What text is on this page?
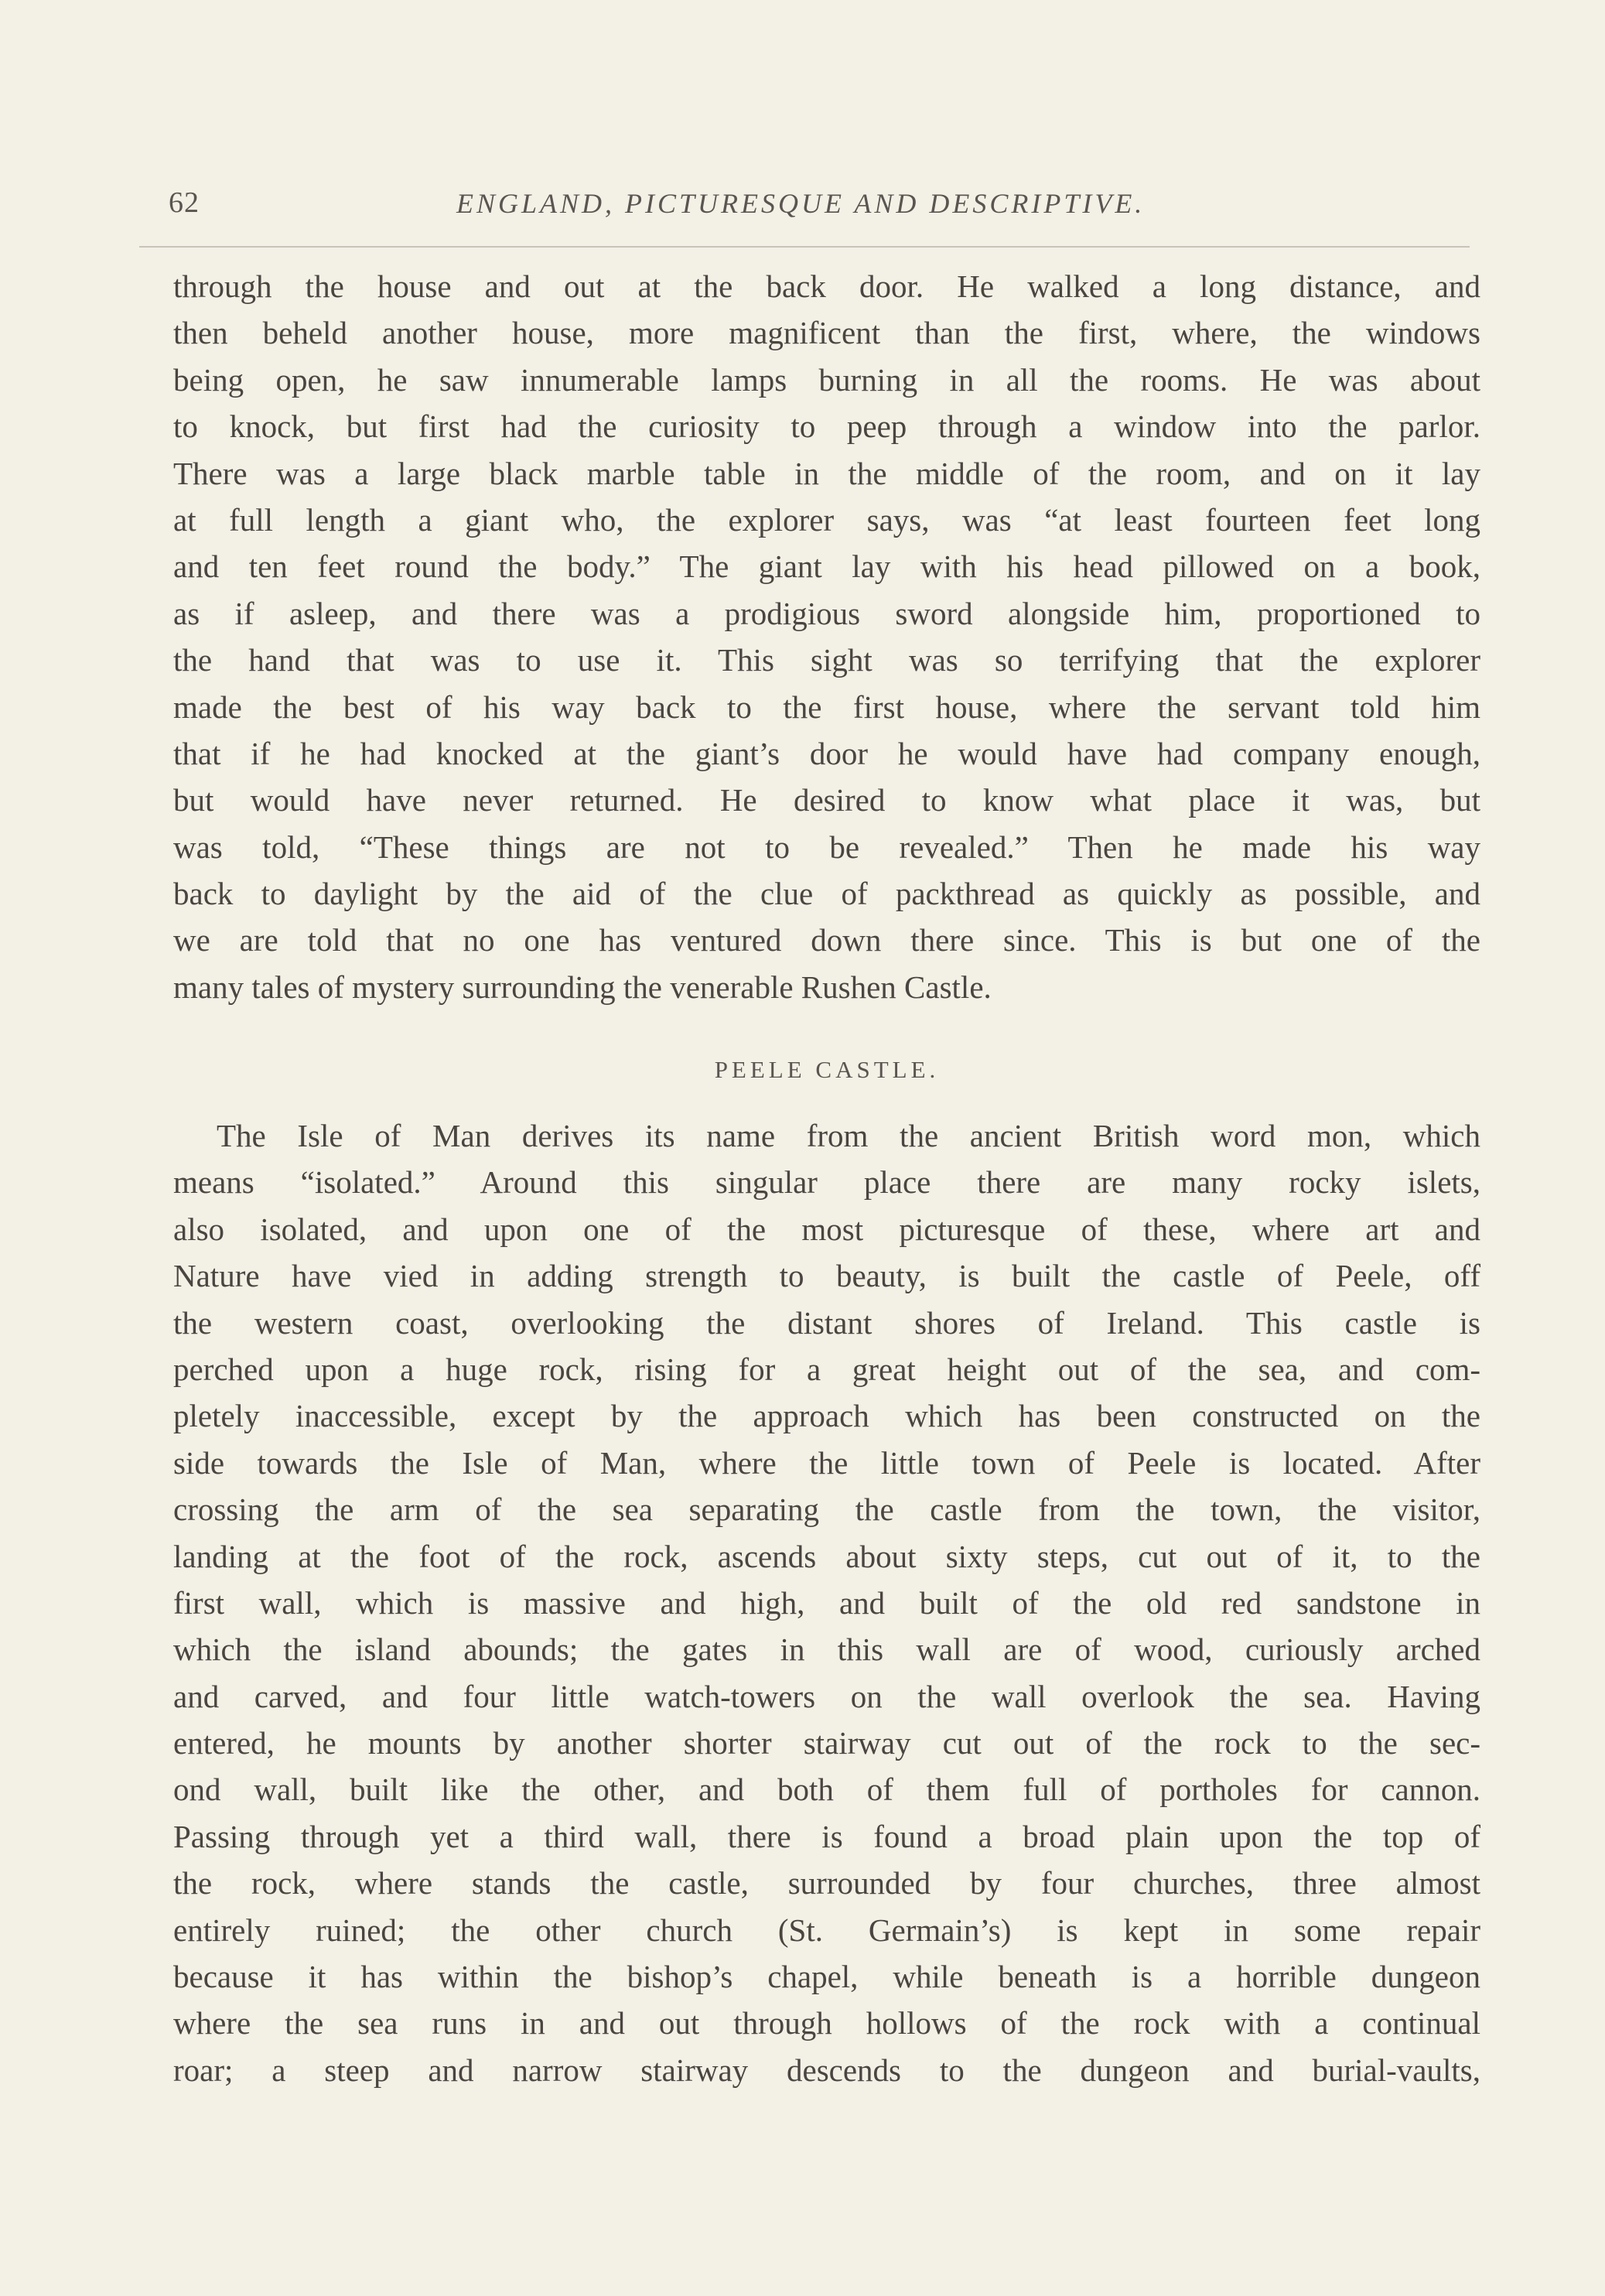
62	ENGLAND, PICTURESQUE AND DESCRIPTIVE.
through the house and out at the back door. He walked a long distance, and
then beheld another house, more magnificent than the first, where, the windows
being open, he saw innumerable lamps burning in all the rooms. He was about
to knock, but first had the curiosity to peep through a window into the parlor.
There was a large black marble table in the middle of the room, and on it lay
at full length a giant who, the explorer says, was “at least fourteen feet long
and ten feet round the body.” The giant lay with his head pillowed on a book,
as if asleep, and there was a prodigious sword alongside him, proportioned to
the hand that was to use it. This sight was so terrifying that the explorer
made the best of his way back to the first house, where the servant told him
that if he had knocked at the giant’s door he would have had company enough,
but would have never returned. He desired to know what place it was, but
was told, “These things are not to be revealed.” Then he made his way
back to daylight by the aid of the clue of packthread as quickly as possible, and
we are told that no one has ventured down there since. This is but one of the
many tales of mystery surrounding the venerable Rushen Castle.
PEELE CASTLE.
The Isle of Man derives its name from the ancient British word mon, which
means “isolated.” Around this singular place there are many rocky islets,
also isolated, and upon one of the most picturesque of these, where art and
Nature have vied in adding strength to beauty, is built the castle of Peele, off
the western coast, overlooking the distant shores of Ireland. This castle is
perched upon a huge rock, rising for a great height out of the sea, and com-
pletely inaccessible, except by the approach which has been constructed on the
side towards the Isle of Man, where the little town of Peele is located. After
crossing the arm of the sea separating the castle from the town, the visitor,
landing at the foot of the rock, ascends about sixty steps, cut out of it, to the
first wall, which is massive and high, and built of the old red sandstone in
which the island abounds; the gates in this wall are of wood, curiously arched
and carved, and four little watch-towers on the wall overlook the sea. Having
entered, he mounts by another shorter stairway cut out of the rock to the sec-
ond wall, built like the other, and both of them full of portholes for cannon.
Passing through yet a third wall, there is found a broad plain upon the top of
the rock, where stands the castle, surrounded by four churches, three almost
entirely ruined; the other church (St. Germain’s) is kept in some repair
because it has within the bishop’s chapel, while beneath is a horrible dungeon
where the sea runs in and out through hollows of the rock with a continual
roar; a steep and narrow stairway descends to the dungeon and burial-vaults,
